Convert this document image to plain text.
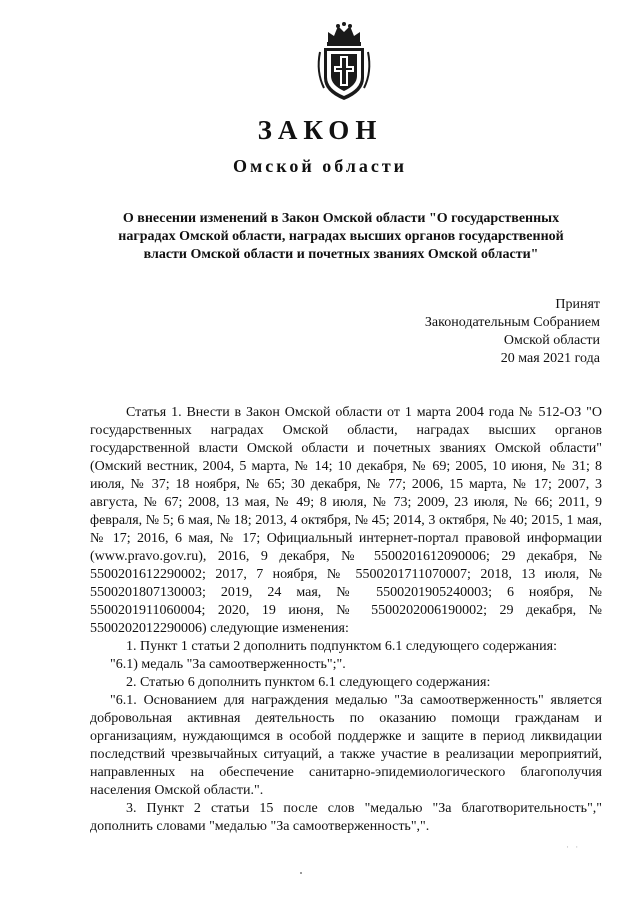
ЗАКОН
Омской области
О внесении изменений в Закон Омской области "О государственных наградах Омской области, наградах высших органов государственной власти Омской области и почетных званиях Омской области"
Принят
Законодательным Собранием
Омской области
20 мая 2021 года

Статья 1. Внести в Закон Омской области от 1 марта 2004 года № 512-ОЗ "О государственных наградах Омской области, наградах высших органов государственной власти Омской области и почетных званиях Омской области" (Омский вестник, 2004, 5 марта, № 14; 10 декабря, № 69; 2005, 10 июня, № 31; 8 июля, № 37; 18 ноября, № 65; 30 декабря, № 77; 2006, 15 марта, № 17; 2007, 3 августа, № 67; 2008, 13 мая, № 49; 8 июля, № 73; 2009, 23 июля, № 66; 2011, 9 февраля, № 5; 6 мая, № 18; 2013, 4 октября, № 45; 2014, 3 октября, № 40; 2015, 1 мая, № 17; 2016, 6 мая, № 17; Официальный интернет-портал правовой информации (www.pravo.gov.ru), 2016, 9 декабря, № 5500201612090006; 29 декабря, № 5500201612290002; 2017, 7 ноября, № 5500201711070007; 2018, 13 июля, № 5500201807130003; 2019, 24 мая, № 5500201905240003; 6 ноября, № 5500201911060004; 2020, 19 июня, № 5500202006190002; 29 декабря, № 5500202012290006) следующие изменения:

1. Пункт 1 статьи 2 дополнить подпунктом 6.1 следующего содержания:

"6.1) медаль "За самоотверженность";".

2. Статью 6 дополнить пунктом 6.1 следующего содержания:

"6.1. Основанием для награждения медалью "За самоотверженность" является добровольная активная деятельность по оказанию помощи гражданам и организациям, нуждающимся в особой поддержке и защите в период ликвидации последствий чрезвычайных ситуаций, а также участие в реализации мероприятий, направленных на обеспечение санитарно-эпидемиологического благополучия населения Омской области.".

3. Пункт 2 статьи 15 после слов "медалью "За благотворительность"," дополнить словами "медалью "За самоотверженность",".

· ·
